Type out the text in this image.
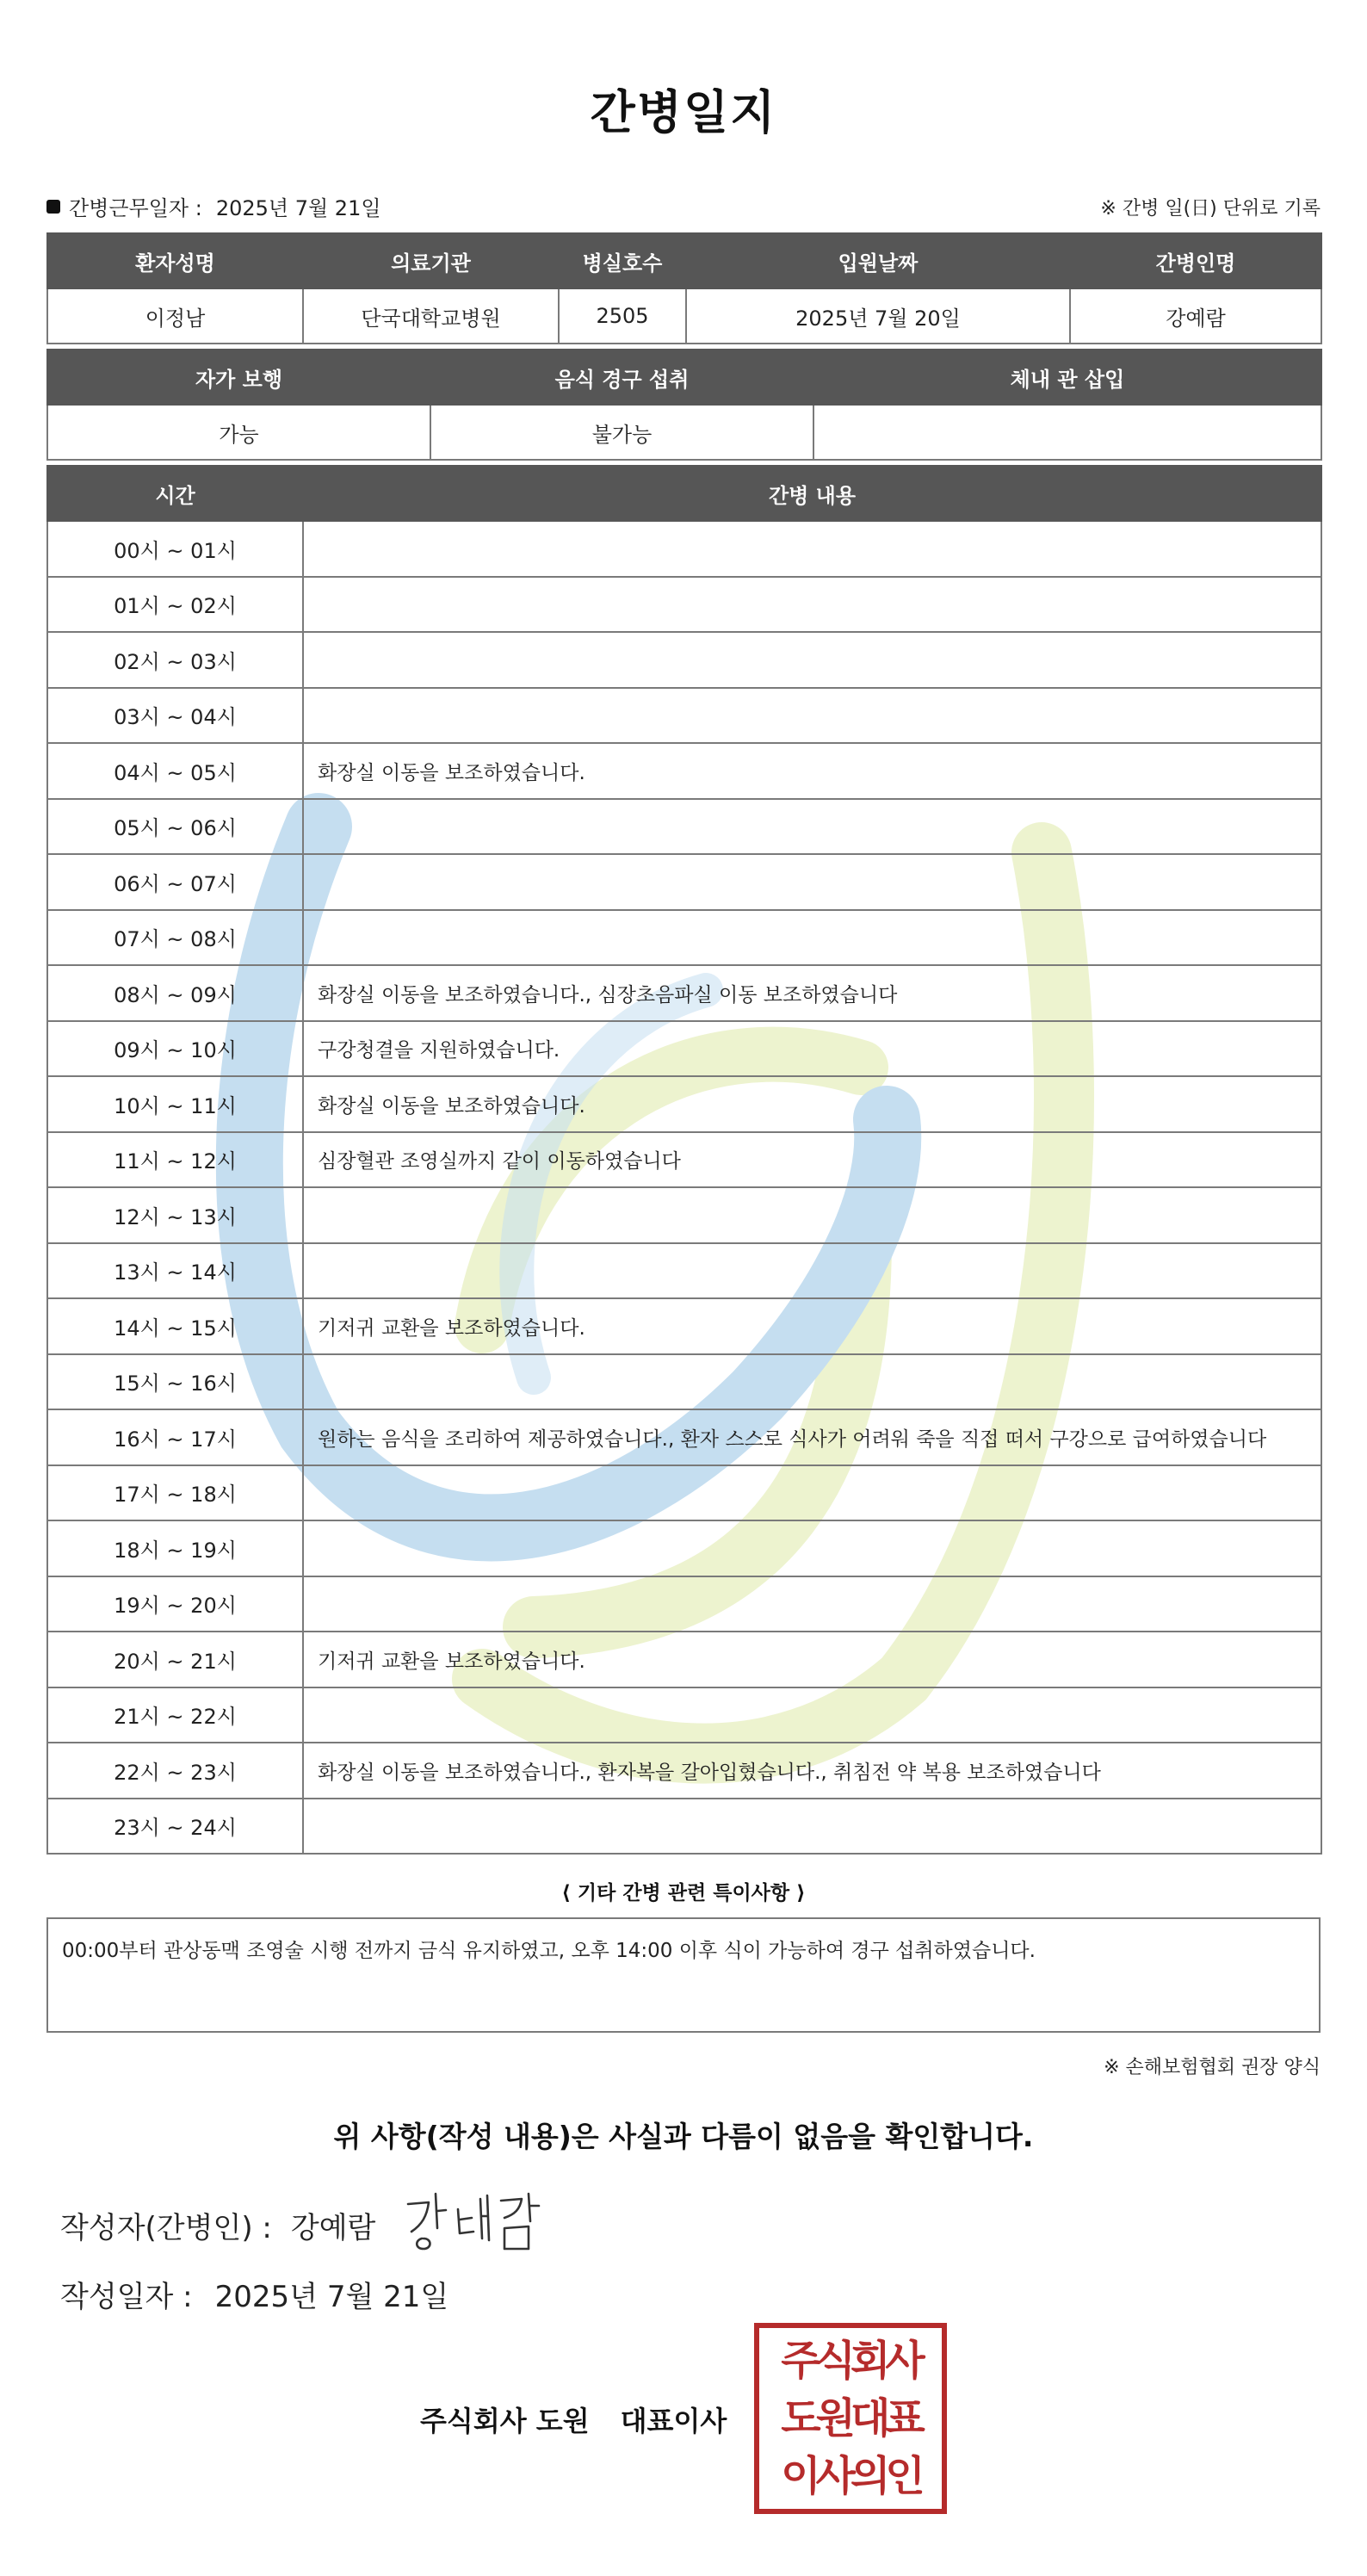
간병일지
간병근무일자 : 2025년 7월 21일	※ 간병 일(日) 단위로 기록
환자성명	의료기관	병실호수	입원날짜	간병인명
이정남	단국대학교병원	2505	2025년 7월 20일	강예람
자가 보행	음식 경구 섭취	체내 관 삽입
가능	불가능	
시간	간병 내용
00시 ~ 01시	
01시 ~ 02시	
02시 ~ 03시	
03시 ~ 04시	
04시 ~ 05시	화장실 이동을 보조하였습니다.
05시 ~ 06시	
06시 ~ 07시	
07시 ~ 08시	
08시 ~ 09시	화장실 이동을 보조하였습니다., 심장초음파실 이동 보조하였습니다
09시 ~ 10시	구강청결을 지원하였습니다.
10시 ~ 11시	화장실 이동을 보조하였습니다.
11시 ~ 12시	심장혈관 조영실까지 같이 이동하였습니다
12시 ~ 13시	
13시 ~ 14시	
14시 ~ 15시	기저귀 교환을 보조하였습니다.
15시 ~ 16시	
16시 ~ 17시	원하는 음식을 조리하여 제공하였습니다., 환자 스스로 식사가 어려워 죽을 직접 떠서 구강으로 급여하였습니다
17시 ~ 18시	
18시 ~ 19시	
19시 ~ 20시	
20시 ~ 21시	기저귀 교환을 보조하였습니다.
21시 ~ 22시	
22시 ~ 23시	화장실 이동을 보조하였습니다., 환자복을 갈아입혔습니다., 취침전 약 복용 보조하였습니다
23시 ~ 24시	
⟨ 기타 간병 관련 특이사항 ⟩
00:00부터 관상동맥 조영술 시행 전까지 금식 유지하였고, 오후 14:00 이후 식이 가능하여 경구 섭취하였습니다.
※ 손해보험협회 권장 양식
위 사항(작성 내용)은 사실과 다름이 없음을 확인합니다.
작성자(간병인) : 강예람
작성일자 : 2025년 7월 21일
주식회사 도원 대표이사
주식회사
도원대표
이사의인
